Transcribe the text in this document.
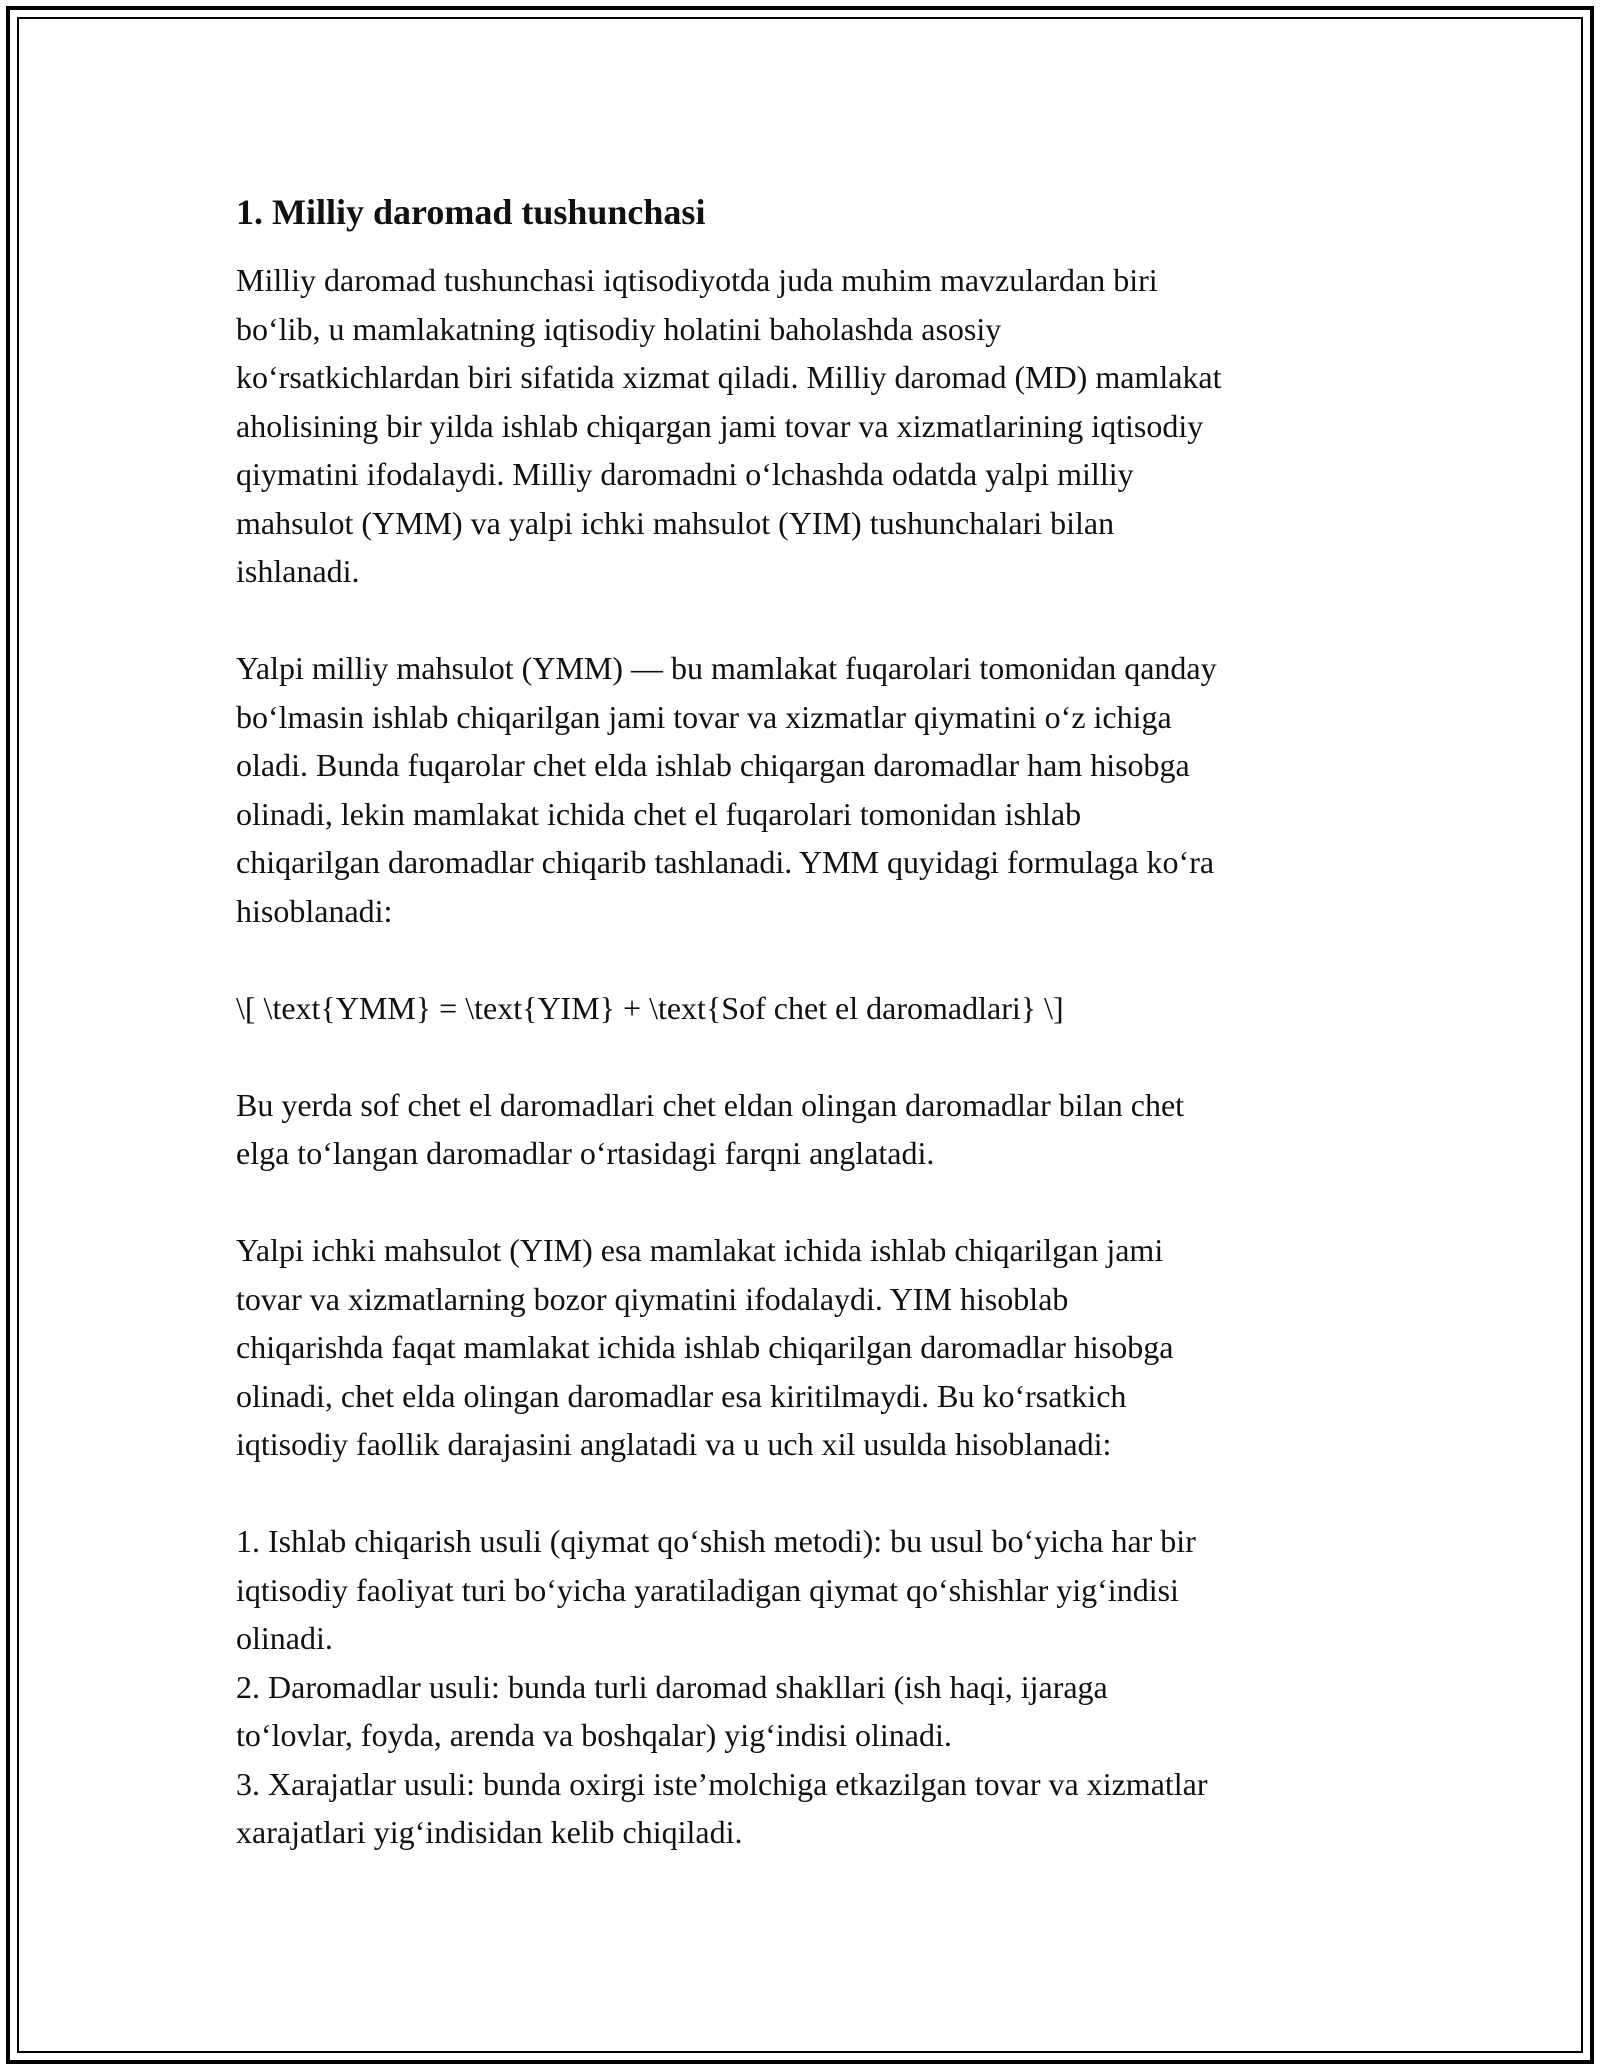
1. Milliy daromad tushunchasi

Milliy daromad tushunchasi iqtisodiyotda juda muhim mavzulardan biri
bo‘lib, u mamlakatning iqtisodiy holatini baholashda asosiy
ko‘rsatkichlardan biri sifatida xizmat qiladi. Milliy daromad (MD) mamlakat
aholisining bir yilda ishlab chiqargan jami tovar va xizmatlarining iqtisodiy
qiymatini ifodalaydi. Milliy daromadni o‘lchashda odatda yalpi milliy
mahsulot (YMM) va yalpi ichki mahsulot (YIM) tushunchalari bilan
ishlanadi.

Yalpi milliy mahsulot (YMM) — bu mamlakat fuqarolari tomonidan qanday
bo‘lmasin ishlab chiqarilgan jami tovar va xizmatlar qiymatini o‘z ichiga
oladi. Bunda fuqarolar chet elda ishlab chiqargan daromadlar ham hisobga
olinadi, lekin mamlakat ichida chet el fuqarolari tomonidan ishlab
chiqarilgan daromadlar chiqarib tashlanadi. YMM quyidagi formulaga ko‘ra
hisoblanadi:

\[ \text{YMM} = \text{YIM} + \text{Sof chet el daromadlari} \]

Bu yerda sof chet el daromadlari chet eldan olingan daromadlar bilan chet
elga to‘langan daromadlar o‘rtasidagi farqni anglatadi.

Yalpi ichki mahsulot (YIM) esa mamlakat ichida ishlab chiqarilgan jami
tovar va xizmatlarning bozor qiymatini ifodalaydi. YIM hisoblab
chiqarishda faqat mamlakat ichida ishlab chiqarilgan daromadlar hisobga
olinadi, chet elda olingan daromadlar esa kiritilmaydi. Bu ko‘rsatkich
iqtisodiy faollik darajasini anglatadi va u uch xil usulda hisoblanadi:

1. Ishlab chiqarish usuli (qiymat qo‘shish metodi): bu usul bo‘yicha har bir
iqtisodiy faoliyat turi bo‘yicha yaratiladigan qiymat qo‘shishlar yig‘indisi
olinadi.
2. Daromadlar usuli: bunda turli daromad shakllari (ish haqi, ijaraga
to‘lovlar, foyda, arenda va boshqalar) yig‘indisi olinadi.
3. Xarajatlar usuli: bunda oxirgi iste’molchiga etkazilgan tovar va xizmatlar
xarajatlari yig‘indisidan kelib chiqiladi.
